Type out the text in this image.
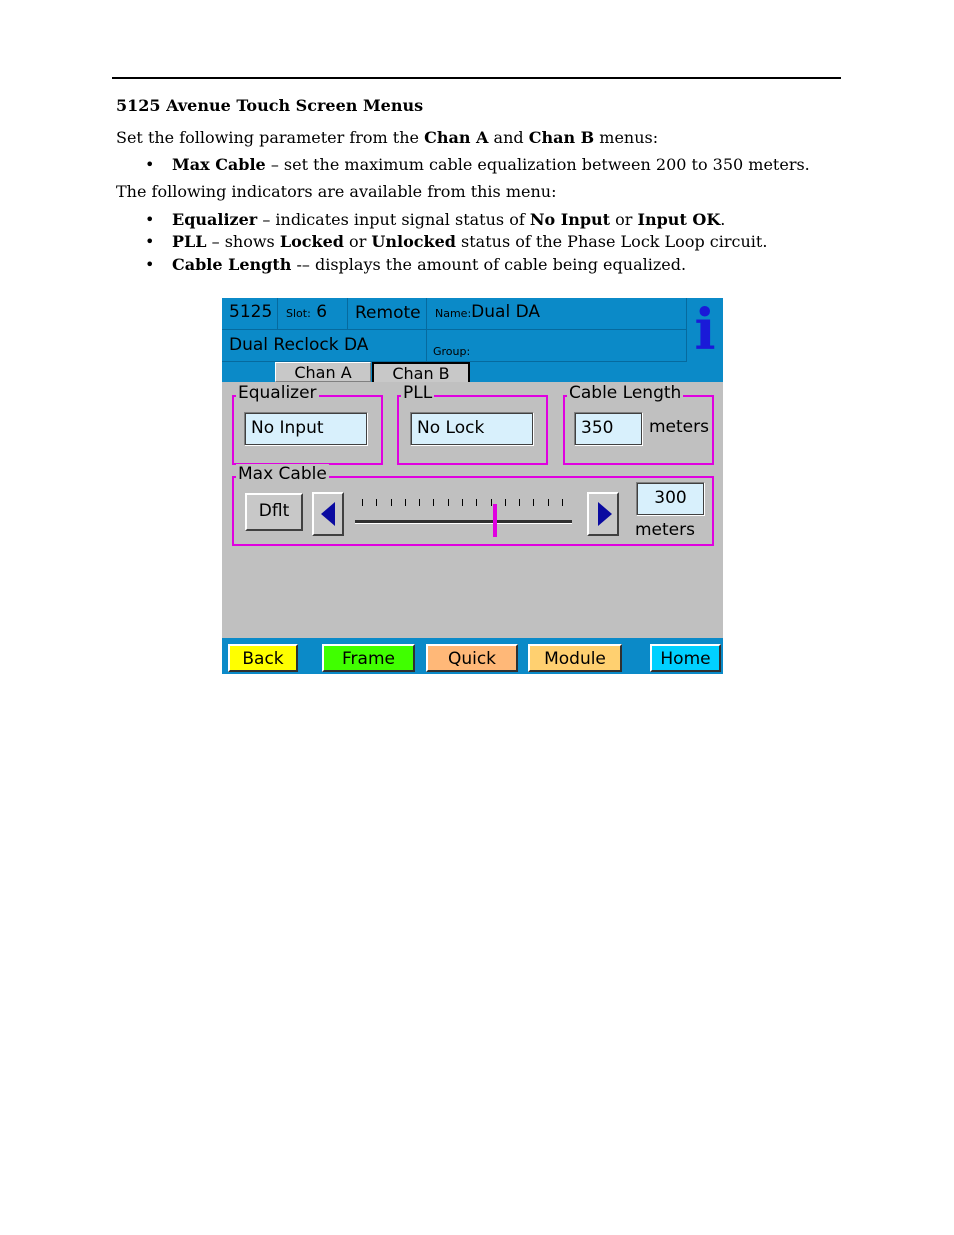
5125 Avenue Touch Screen Menus
Set the following parameter from the Chan A and Chan B menus:
• Max Cable – set the maximum cable equalization between 200 to 350 meters.
The following indicators are available from this menu:
• Equalizer – indicates input signal status of No Input or Input OK.
• PLL – shows Locked or Unlocked status of the Phase Lock Loop circuit.
• Cable Length -– displays the amount of cable being equalized.
5125	Slot: 6	Remote	Name:Dual DA
Dual Reclock DA	Group:	i
Chan A	Chan B
Equalizer
No Input
PLL
No Lock
Cable Length
350	meters
Max Cable
Dflt
300
meters
Back	Frame	Quick	Module	Home
